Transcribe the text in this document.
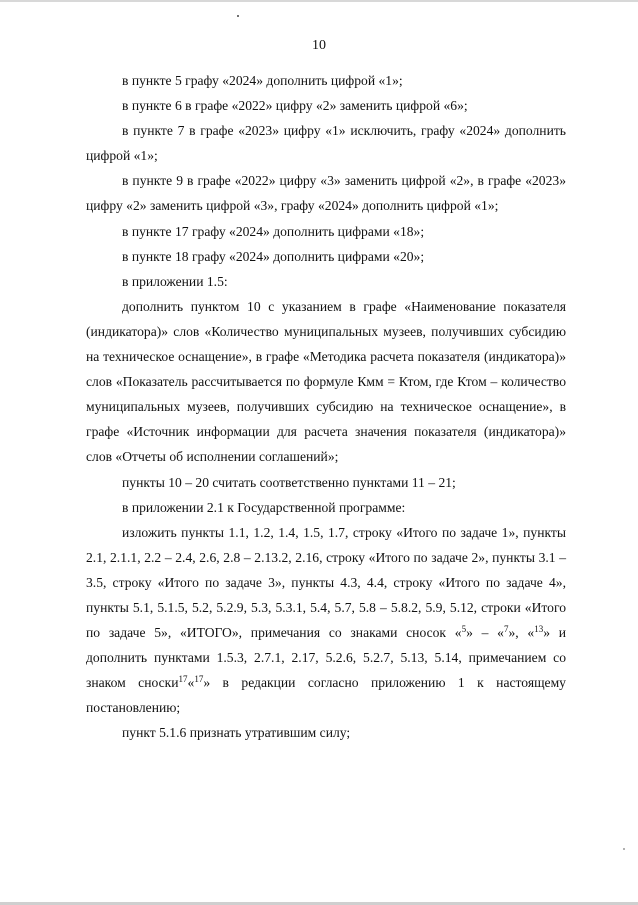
10

в пункте 5 графу «2024» дополнить цифрой «1»;

в пункте 6 в графе «2022» цифру «2» заменить цифрой «6»;

в пункте 7 в графе «2023» цифру «1» исключить, графу «2024» дополнить цифрой «1»;

в пункте 9 в графе «2022» цифру «3» заменить цифрой «2», в графе «2023» цифру «2» заменить цифрой «3», графу «2024» дополнить цифрой «1»;

в пункте 17 графу «2024» дополнить цифрами «18»;

в пункте 18 графу «2024» дополнить цифрами «20»;

в приложении 1.5:

дополнить пунктом 10 с указанием в графе «Наименование показателя (индикатора)» слов «Количество муниципальных музеев, получивших субсидию на техническое оснащение», в графе «Методика расчета показателя (индикатора)» слов «Показатель рассчитывается по формуле Кмм = Ктом, где Ктом – количество муниципальных музеев, получивших субсидию на техническое оснащение», в графе «Источник информации для расчета значения показателя (индикатора)» слов «Отчеты об исполнении соглашений»;

пункты 10 – 20 считать соответственно пунктами 11 – 21;

в приложении 2.1 к Государственной программе:

изложить пункты 1.1, 1.2, 1.4, 1.5, 1.7, строку «Итого по задаче 1», пункты 2.1, 2.1.1, 2.2 – 2.4, 2.6, 2.8 – 2.13.2, 2.16, строку «Итого по задаче 2», пункты 3.1 – 3.5, строку «Итого по задаче 3», пункты 4.3, 4.4, строку «Итого по задаче 4», пункты 5.1, 5.1.5, 5.2, 5.2.9, 5.3, 5.3.1, 5.4, 5.7, 5.8 – 5.8.2, 5.9, 5.12, строки «Итого по задаче 5», «ИТОГО», примечания со знаками сносок «$^5$» – «$^7$», «$^{13}$» и дополнить пунктами 1.5.3, 2.7.1, 2.17, 5.2.6, 5.2.7, 5.13, 5.14, примечанием со знаком сноски$^{17}$«$^{17}$» в редакции согласно приложению 1 к настоящему постановлению;

пункт 5.1.6 признать утратившим силу;
